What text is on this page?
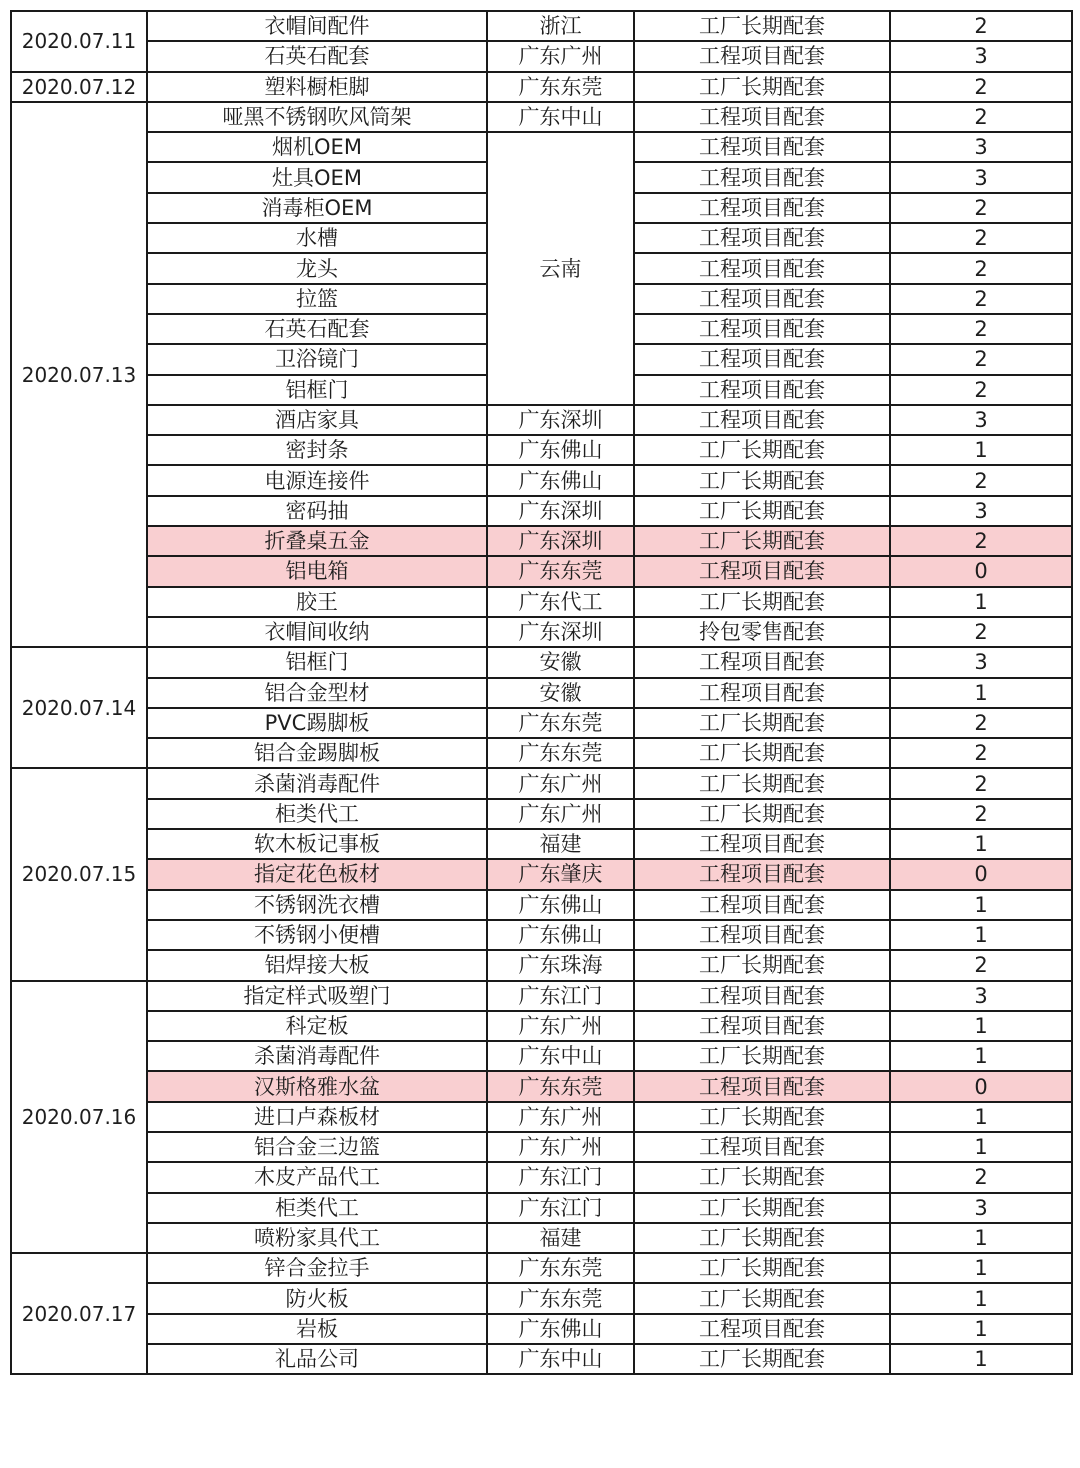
2020.07.11	衣帽间配件	浙江	工厂长期配套	2
	石英石配套	广东广州	工程项目配套	3
2020.07.12	塑料橱柜脚	广东东莞	工厂长期配套	2
2020.07.13	哑黑不锈钢吹风筒架	广东中山	工程项目配套	2
	烟机OEM	云南	工程项目配套	3
	灶具OEM		工程项目配套	3
	消毒柜OEM		工程项目配套	2
	水槽		工程项目配套	2
	龙头		工程项目配套	2
	拉篮		工程项目配套	2
	石英石配套		工程项目配套	2
	卫浴镜门		工程项目配套	2
	铝框门		工程项目配套	2
	酒店家具	广东深圳	工程项目配套	3
	密封条	广东佛山	工厂长期配套	1
	电源连接件	广东佛山	工厂长期配套	2
	密码抽	广东深圳	工厂长期配套	3
	折叠桌五金	广东深圳	工厂长期配套	2
	铝电箱	广东东莞	工程项目配套	0
	胶王	广东代工	工厂长期配套	1
	衣帽间收纳	广东深圳	拎包零售配套	2
2020.07.14	铝框门	安徽	工程项目配套	3
	铝合金型材	安徽	工程项目配套	1
	PVC踢脚板	广东东莞	工厂长期配套	2
	铝合金踢脚板	广东东莞	工厂长期配套	2
2020.07.15	杀菌消毒配件	广东广州	工厂长期配套	2
	柜类代工	广东广州	工厂长期配套	2
	软木板记事板	福建	工程项目配套	1
	指定花色板材	广东肇庆	工程项目配套	0
	不锈钢洗衣槽	广东佛山	工程项目配套	1
	不锈钢小便槽	广东佛山	工程项目配套	1
	铝焊接大板	广东珠海	工厂长期配套	2
2020.07.16	指定样式吸塑门	广东江门	工程项目配套	3
	科定板	广东广州	工程项目配套	1
	杀菌消毒配件	广东中山	工厂长期配套	1
	汉斯格雅水盆	广东东莞	工程项目配套	0
	进口卢森板材	广东广州	工厂长期配套	1
	铝合金三边篮	广东广州	工程项目配套	1
	木皮产品代工	广东江门	工厂长期配套	2
	柜类代工	广东江门	工厂长期配套	3
	喷粉家具代工	福建	工厂长期配套	1
2020.07.17	锌合金拉手	广东东莞	工厂长期配套	1
	防火板	广东东莞	工厂长期配套	1
	岩板	广东佛山	工程项目配套	1
	礼品公司	广东中山	工厂长期配套	1
